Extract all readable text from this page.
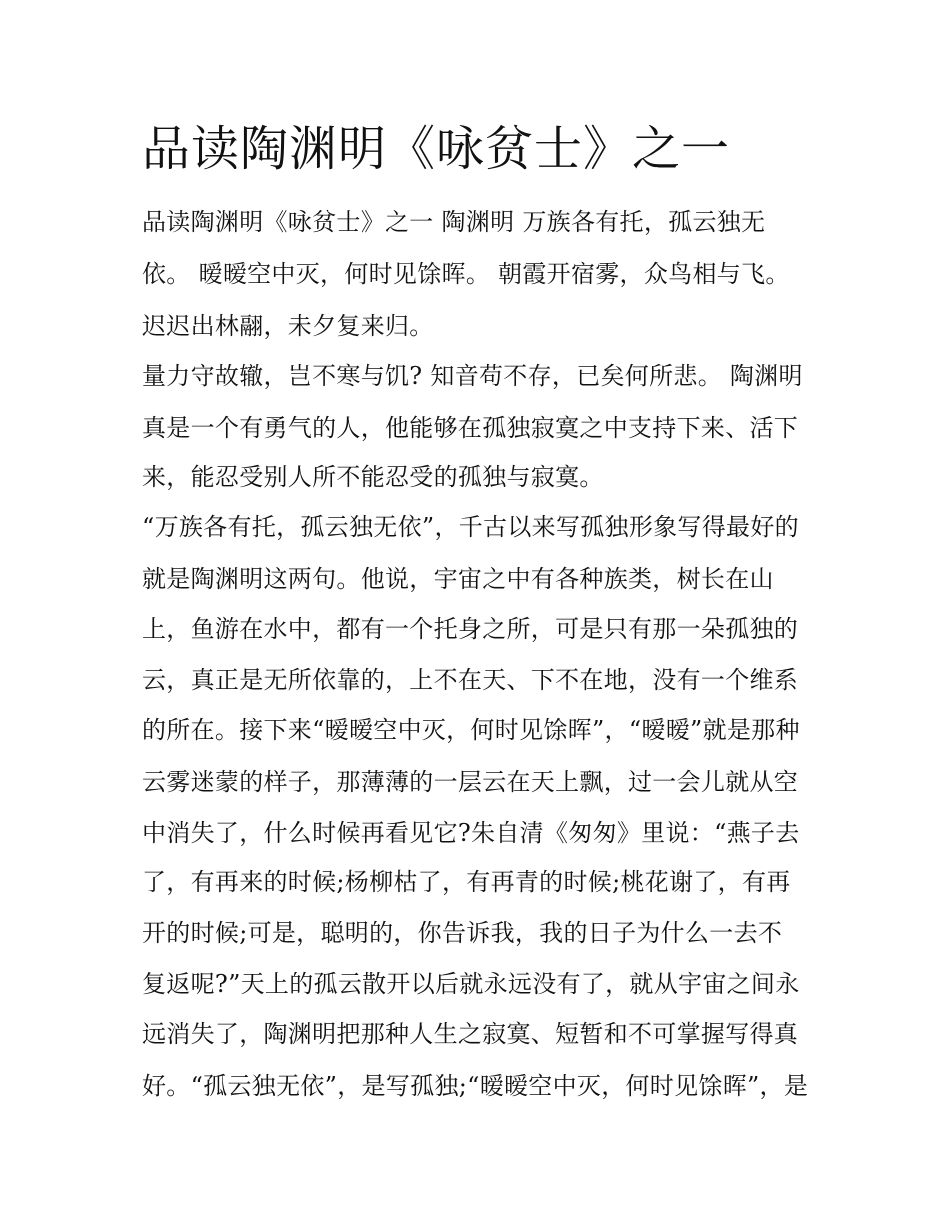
品读陶渊明《咏贫士》之一
品读陶渊明《咏贫士》之一 陶渊明 万族各有托，孤云独无
依。 暧暧空中灭，何时见馀晖。 朝霞开宿雾，众鸟相与飞。
迟迟出林翮，未夕复来归。
量力守故辙，岂不寒与饥? 知音苟不存，已矣何所悲。 陶渊明
真是一个有勇气的人，他能够在孤独寂寞之中支持下来、活下
来，能忍受别人所不能忍受的孤独与寂寞。
“万族各有托，孤云独无依”，千古以来写孤独形象写得最好的
就是陶渊明这两句。他说，宇宙之中有各种族类，树长在山
上，鱼游在水中，都有一个托身之所，可是只有那一朵孤独的
云，真正是无所依靠的，上不在天、下不在地，没有一个维系
的所在。接下来“暧暧空中灭，何时见馀晖”，“暧暧”就是那种
云雾迷蒙的样子，那薄薄的一层云在天上飘，过一会儿就从空
中消失了，什么时候再看见它?朱自清《匆匆》里说：“燕子去
了，有再来的时候;杨柳枯了，有再青的时候;桃花谢了，有再
开的时候;可是，聪明的，你告诉我，我的日子为什么一去不
复返呢?”天上的孤云散开以后就永远没有了，就从宇宙之间永
远消失了，陶渊明把那种人生之寂寞、短暂和不可掌握写得真
好。“孤云独无依”，是写孤独;“暧暧空中灭，何时见馀晖”，是
